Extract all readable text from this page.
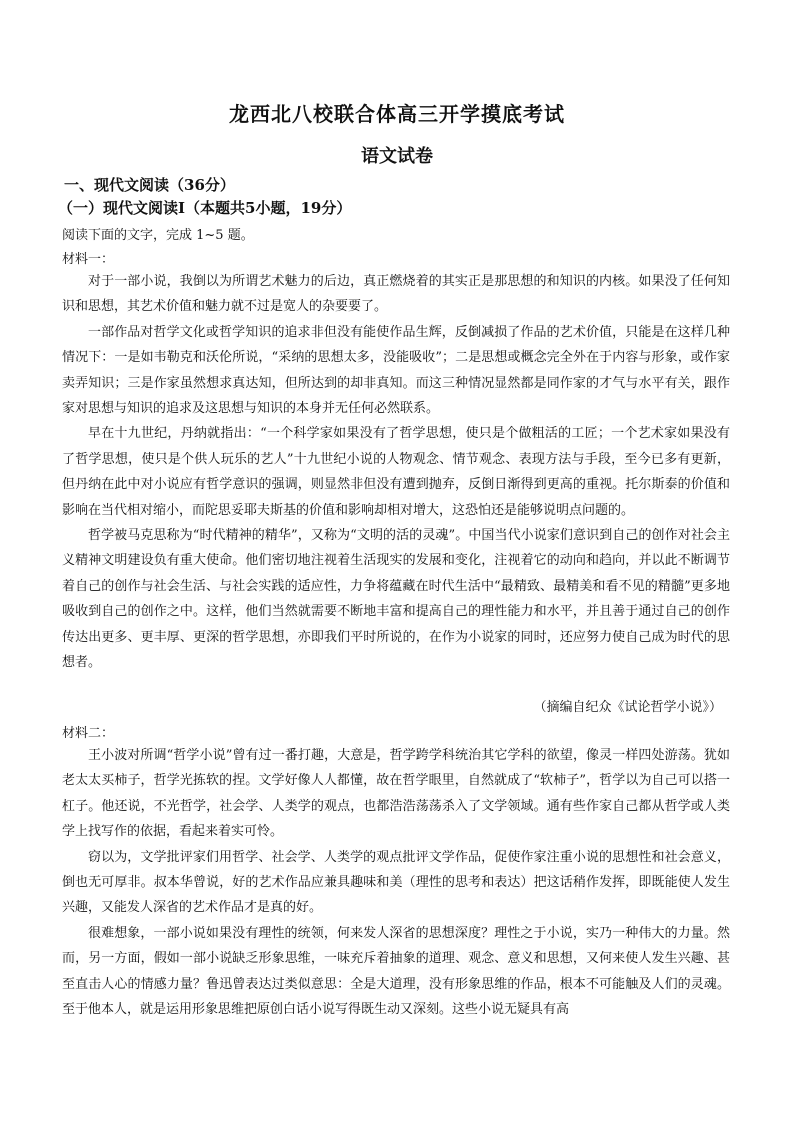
龙西北八校联合体高三开学摸底考试
语文试卷
一、现代文阅读（36分）
（一）现代文阅读Ⅰ（本题共5小题，19分）
阅读下面的文字，完成 1~5 题。
材料一：

对于一部小说，我倒以为所谓艺术魅力的后边，真正燃烧着的其实正是那思想的和知识的内核。如果没了任何知识和思想，其艺术价值和魅力就不过是宽人的杂要要了。

一部作品对哲学文化或哲学知识的追求非但没有能使作品生辉，反倒减损了作品的艺术价值，只能是在这样几种情况下：一是如韦勒克和沃伦所说，“采纳的思想太多，没能吸收”；二是思想或概念完全外在于内容与形象，或作家卖弄知识；三是作家虽然想求真达知，但所达到的却非真知。而这三种情况显然都是同作家的才气与水平有关，跟作家对思想与知识的追求及这思想与知识的本身并无任何必然联系。

早在十九世纪，丹纳就指出：“一个科学家如果没有了哲学思想，使只是个做粗活的工匠；一个艺术家如果没有了哲学思想，使只是个供人玩乐的艺人”十九世纪小说的人物观念、情节观念、表现方法与手段，至今已多有更新，但丹纳在此中对小说应有哲学意识的强调，则显然非但没有遭到抛弃，反倒日渐得到更高的重视。托尔斯泰的价值和影响在当代相对缩小，而陀思妥耶夫斯基的价值和影响却相对增大，这恐怕还是能够说明点问题的。

哲学被马克思称为“时代精神的精华”，又称为“文明的活的灵魂”。中国当代小说家们意识到自己的创作对社会主义精神文明建设负有重大使命。他们密切地注视着生活现实的发展和变化，注视着它的动向和趋向，并以此不断调节着自己的创作与社会生活、与社会实践的适应性，力争将蕴藏在时代生活中“最精致、最精美和看不见的精髓”更多地吸收到自己的创作之中。这样，他们当然就需要不断地丰富和提高自己的理性能力和水平，并且善于通过自己的创作传达出更多、更丰厚、更深的哲学思想，亦即我们平时所说的，在作为小说家的同时，还应努力使自己成为时代的思想者。

（摘编自纪众《试论哲学小说》）
材料二：

王小波对所调“哲学小说”曾有过一番打趣，大意是，哲学跨学科统治其它学科的欲望，像灵一样四处游荡。犹如老太太买柿子，哲学光拣软的捏。文学好像人人都懂，故在哲学眼里，自然就成了“软柿子”，哲学以为自己可以搭一杠子。他还说，不光哲学，社会学、人类学的观点，也都浩浩荡荡杀入了文学领域。通有些作家自己都从哲学或人类学上找写作的依据，看起来着实可怜。

窃以为，文学批评家们用哲学、社会学、人类学的观点批评文学作品，促使作家注重小说的思想性和社会意义，倒也无可厚非。叔本华曾说，好的艺术作品应兼具趣味和美（理性的思考和表达）把这话稍作发挥，即既能使人发生兴趣，又能发人深省的艺术作品才是真的好。

很难想象，一部小说如果没有理性的统领，何来发人深省的思想深度？理性之于小说，实乃一种伟大的力量。然而，另一方面，假如一部小说缺乏形象思维，一味充斥着抽象的道理、观念、意义和思想，又何来使人发生兴趣、甚至直击人心的情感力量？鲁迅曾表达过类似意思：全是大道理，没有形象思维的作品，根本不可能触及人们的灵魂。至于他本人，就是运用形象思维把原创白话小说写得既生动又深刻。这些小说无疑具有高
